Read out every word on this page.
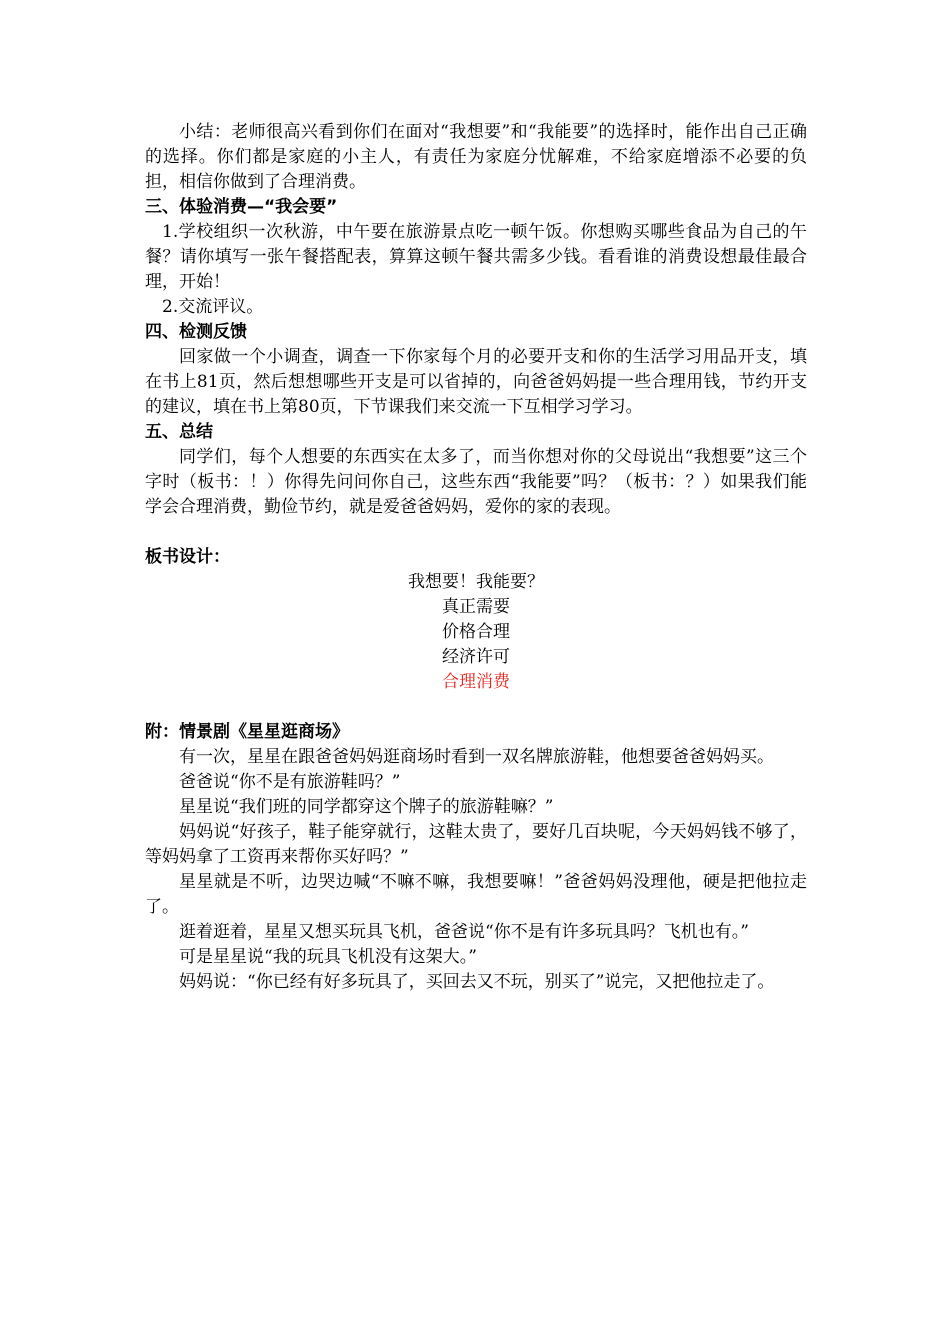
小结：老师很高兴看到你们在面对“我想要”和“我能要”的选择时，能作出自己正确的选择。你们都是家庭的小主人，有责任为家庭分忧解难，不给家庭增添不必要的负担，相信你做到了合理消费。

三、体验消费—“我会要”

1.学校组织一次秋游，中午要在旅游景点吃一顿午饭。你想购买哪些食品为自己的午餐？请你填写一张午餐搭配表，算算这顿午餐共需多少钱。看看谁的消费设想最佳最合理，开始！

2.交流评议。

四、检测反馈

回家做一个小调查，调查一下你家每个月的必要开支和你的生活学习用品开支，填在书上81页，然后想想哪些开支是可以省掉的，向爸爸妈妈提一些合理用钱，节约开支的建议，填在书上第80页，下节课我们来交流一下互相学习学习。

五、总结

同学们，每个人想要的东西实在太多了，而当你想对你的父母说出“我想要”这三个字时（板书：！）你得先问问你自己，这些东西“我能要”吗？（板书：？）如果我们能学会合理消费，勤俭节约，就是爱爸爸妈妈，爱你的家的表现。

板书设计：

我想要！我能要？

真正需要

价格合理

经济许可

合理消费

附：情景剧《星星逛商场》

有一次，星星在跟爸爸妈妈逛商场时看到一双名牌旅游鞋，他想要爸爸妈妈买。

爸爸说“你不是有旅游鞋吗？”

星星说“我们班的同学都穿这个牌子的旅游鞋嘛？”

妈妈说“好孩子，鞋子能穿就行，这鞋太贵了，要好几百块呢，今天妈妈钱不够了，等妈妈拿了工资再来帮你买好吗？”

星星就是不听，边哭边喊“不嘛不嘛，我想要嘛！”爸爸妈妈没理他，硬是把他拉走了。

逛着逛着，星星又想买玩具飞机，爸爸说“你不是有许多玩具吗？飞机也有。”

可是星星说“我的玩具飞机没有这架大。”

妈妈说：“你已经有好多玩具了，买回去又不玩，别买了”说完，又把他拉走了。
